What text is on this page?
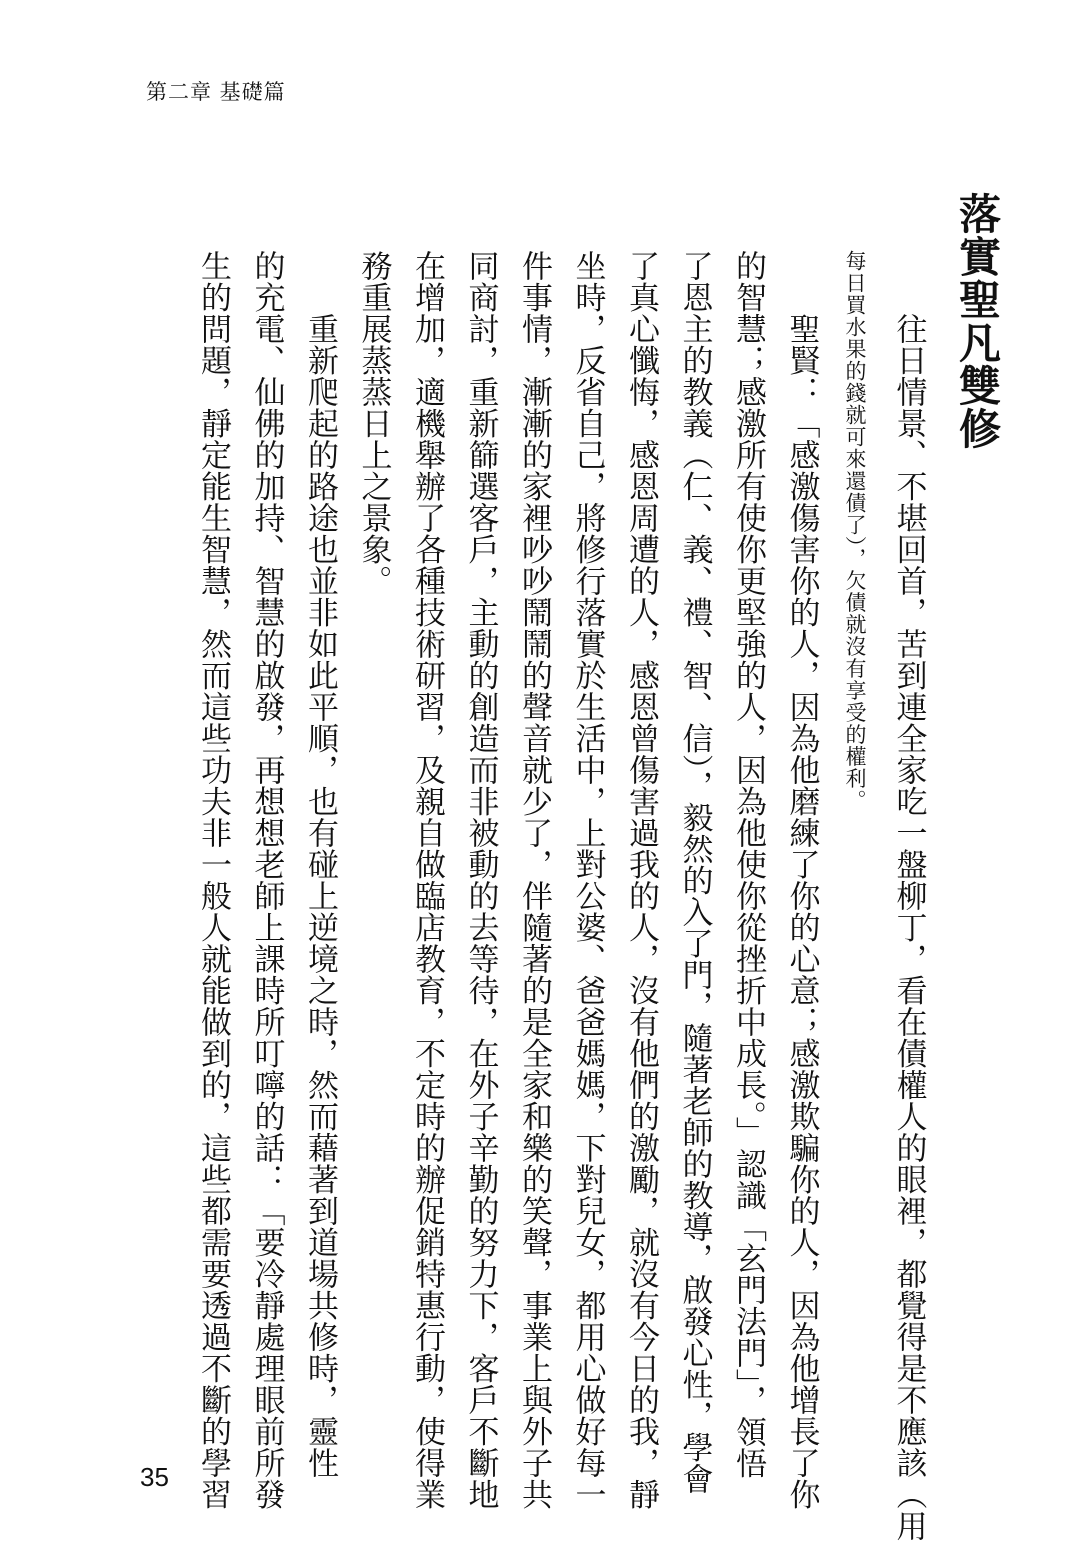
第二章 基礎篇
落實聖凡雙修
往日情景、不堪回首，苦到連全家吃一盤柳丁，看在債權人的眼裡，都覺得是不應該（用
每日買水果的錢就可來還債了），欠債就沒有享受的權利。
聖賢：「感激傷害你的人，因為他磨練了你的心意；感激欺騙你的人，因為他增長了你
的智慧；感激所有使你更堅強的人，因為他使你從挫折中成長。」認識「玄門法門」，領悟
了恩主的教義（仁、義、禮、智、信），毅然的入了門，隨著老師的教導，啟發心性，學會
了真心懺悔，感恩周遭的人，感恩曾傷害過我的人，沒有他們的激勵，就沒有今日的我，靜
坐時，反省自己，將修行落實於生活中，上對公婆、爸爸媽媽，下對兒女，都用心做好每一
件事情，漸漸的家裡吵吵鬧鬧的聲音就少了，伴隨著的是全家和樂的笑聲，事業上與外子共
同商討，重新篩選客戶，主動的創造而非被動的去等待，在外子辛勤的努力下，客戶不斷地
在增加，適機舉辦了各種技術研習，及親自做臨店教育，不定時的辦促銷特惠行動，使得業
務重展蒸蒸日上之景象。
重新爬起的路途也並非如此平順，也有碰上逆境之時，然而藉著到道場共修時，靈性
的充電、仙佛的加持、智慧的啟發，再想想老師上課時所叮嚀的話：「要冷靜處理眼前所發
生的問題，靜定能生智慧，然而這些功夫非一般人就能做到的，這些都需要透過不斷的學習
35
